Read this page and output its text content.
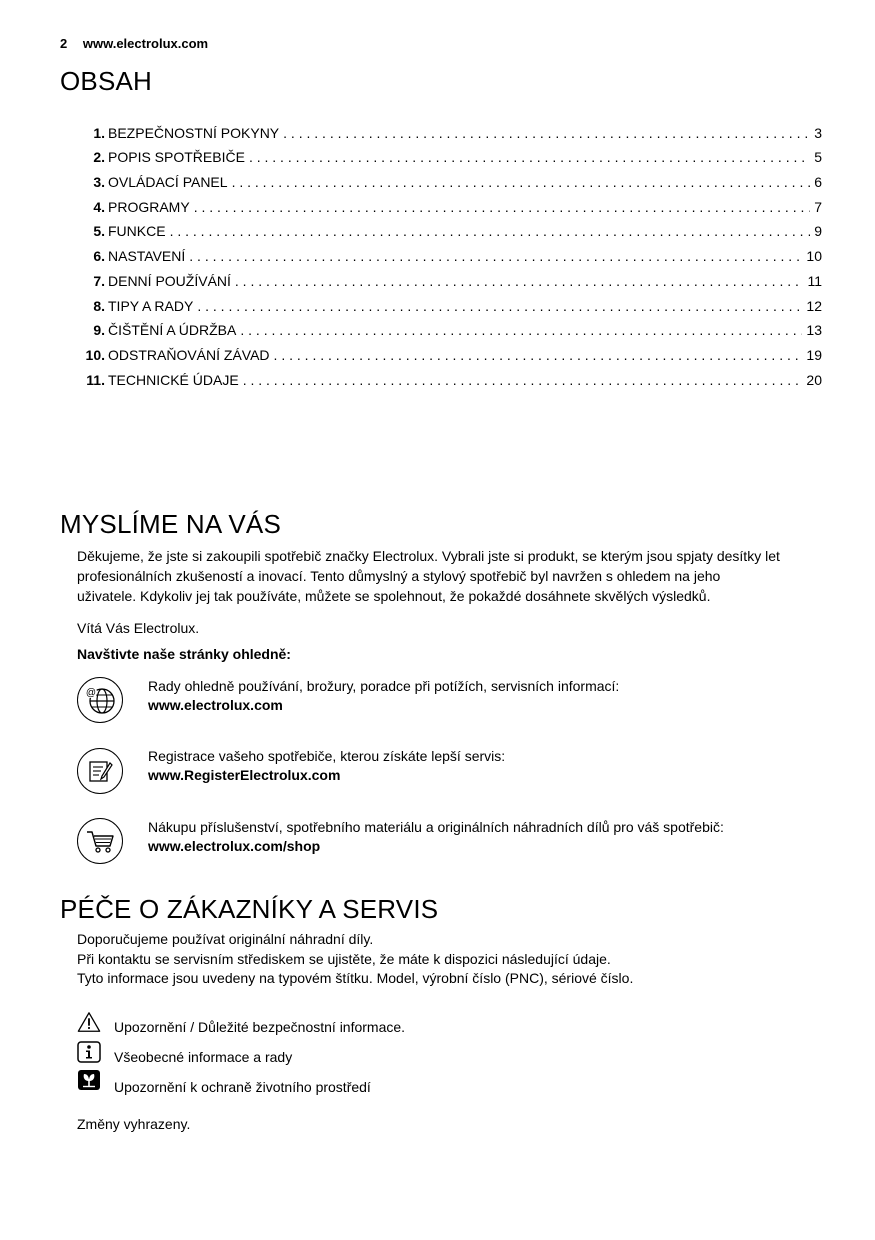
2 www.electrolux.com
OBSAH
1. BEZPEČNOSTNÍ POKYNY . . .	3
2. POPIS SPOTŘEBIČE . . .	5
3. OVLÁDACÍ PANEL . . .	6
4. PROGRAMY . . .	7
5. FUNKCE . . .	9
6. NASTAVENÍ . . .	10
7. DENNÍ POUŽÍVÁNÍ . . .	11
8. TIPY A RADY . . .	12
9. ČIŠTĚNÍ A ÚDRŽBA . . .	13
10. ODSTRAŇOVÁNÍ ZÁVAD . . .	19
11. TECHNICKÉ ÚDAJE . . .	20
MYSLÍME NA VÁS

Děkujeme, že jste si zakoupili spotřebič značky Electrolux. Vybrali jste si produkt, se kterým jsou spjaty desítky let

profesionálních zkušeností a inovací. Tento důmyslný a stylový spotřebič byl navržen s ohledem na jeho

uživatele. Kdykoliv jej tak používáte, můžete se spolehnout, že pokaždé dosáhnete skvělých výsledků.

Vítá Vás Electrolux.

Navštivte naše stránky ohledně:

@	Rady ohledně používání, brožury, poradce při potížích, servisních informací:

www.electrolux.com

Registrace vašeho spotřebiče, kterou získáte lepší servis:

www.RegisterElectrolux.com

Nákupu příslušenství, spotřebního materiálu a originálních náhradních dílů pro váš spotřebič:

www.electrolux.com/shop

PÉČE O ZÁKAZNÍKY A SERVIS

Doporučujeme používat originální náhradní díly.

Při kontaktu se servisním střediskem se ujistěte, že máte k dispozici následující údaje.

Tyto informace jsou uvedeny na typovém štítku. Model, výrobní číslo (PNC), sériové číslo.

Upozornění / Důležité bezpečnostní informace.

Všeobecné informace a rady

Upozornění k ochraně životního prostředí

Změny vyhrazeny.
